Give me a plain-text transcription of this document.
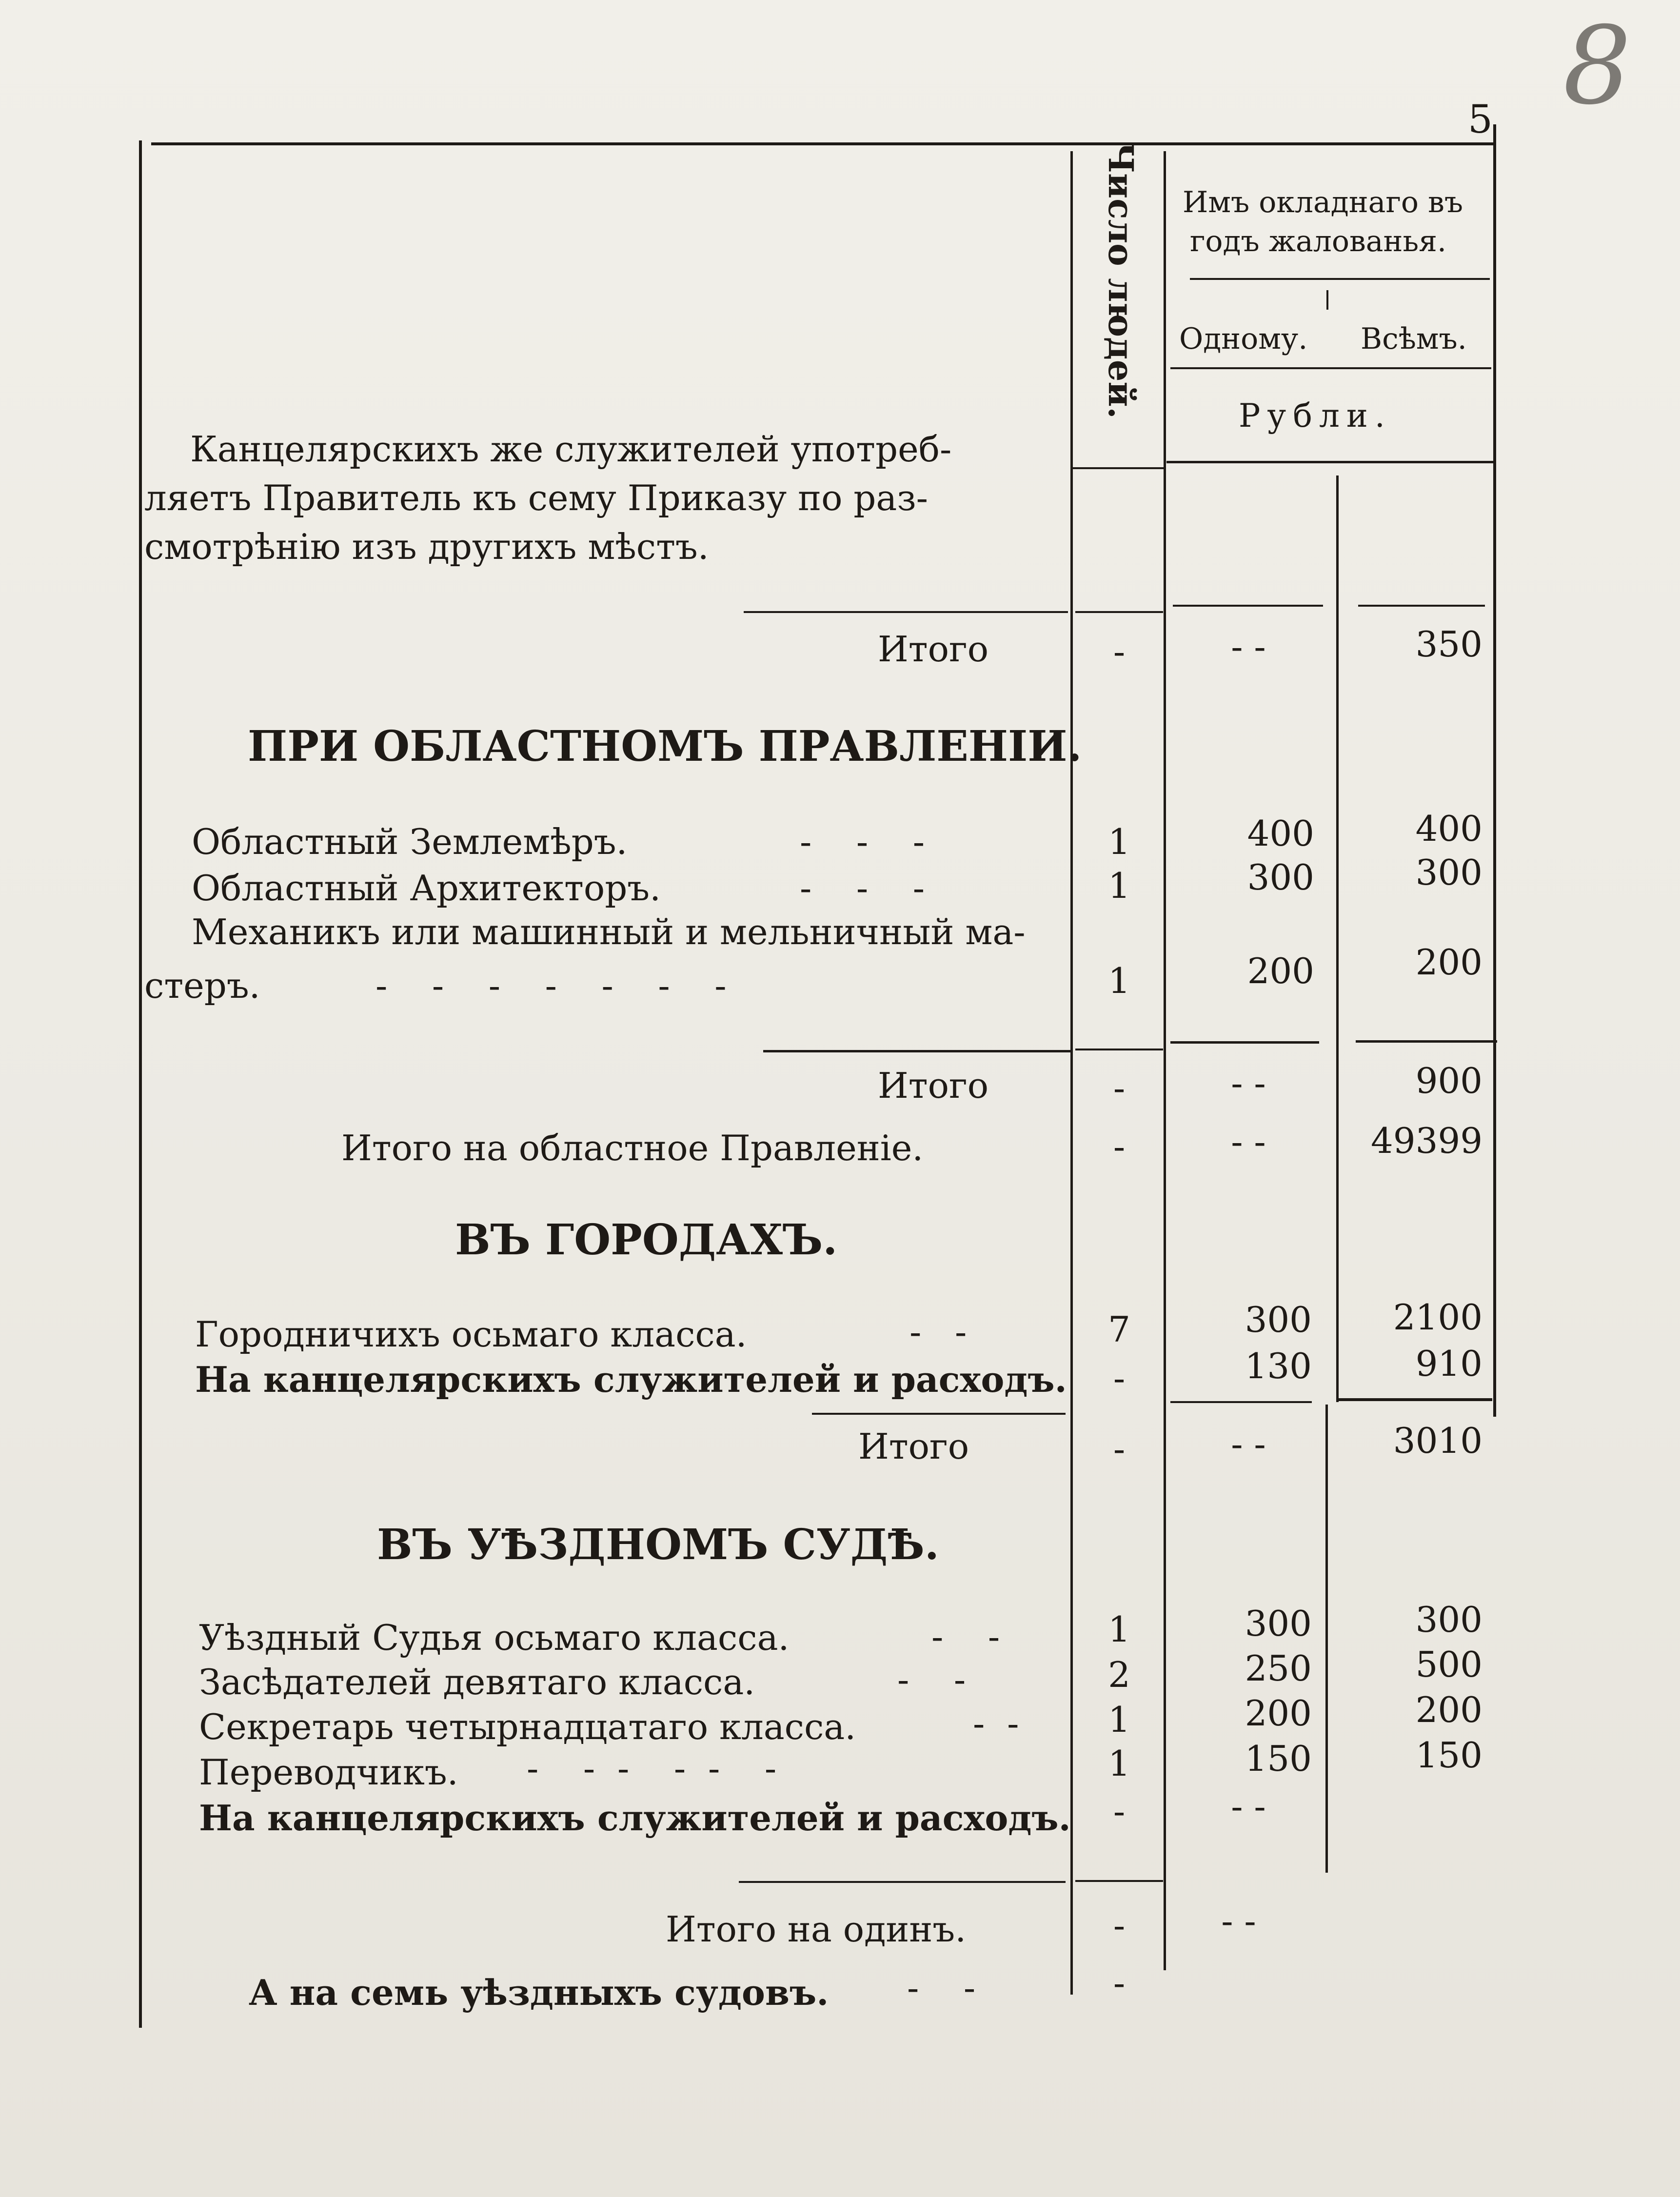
8
5
Число людей. Имъ окладнаго въ
годъ жалованья.
Одному. Всѣмъ.
Рубли.
Канцелярскихъ же служителей употреб-
ляетъ Правитель къ сему Приказу по раз-
смотрѣнію изъ другихъ мѣстъ.
Итого	-	- -	350
ПРИ ОБЛАСТНОМЪ ПРАВЛЕНІИ.
Областный Землемѣръ.	-    -    -	1	400	400
Областный Архитекторъ.	-    -    -	1	300	300
Механикъ или машинный и мельничный ма-
стеръ.	-    -    -    -    -    -    -	1	200	200
Итого	-	- -	900
Итого на областное Правленіе.	-	- -	49399
ВЪ ГОРОДАХЪ.
Городничихъ осьмаго класса.	-   -	7	300	2100
На канцелярскихъ служителей и расходъ.	-	130	910
Итого	-	- -	3010
ВЪ УѢЗДНОМЪ СУДѢ.
Уѣздный Судья осьмаго класса.	-    -	1	300	300
Засѣдателей девятаго класса.	-    -	2	250	500
Секретарь четырнадцатаго класса.	-  -	1	200	200
Переводчикъ. -    -  -    -  -    -	1	150	150
На канцелярскихъ служителей и расходъ.	-	- -
Итого на одинъ.	-	- -
А на семь уѣздныхъ судовъ. -    -	-
